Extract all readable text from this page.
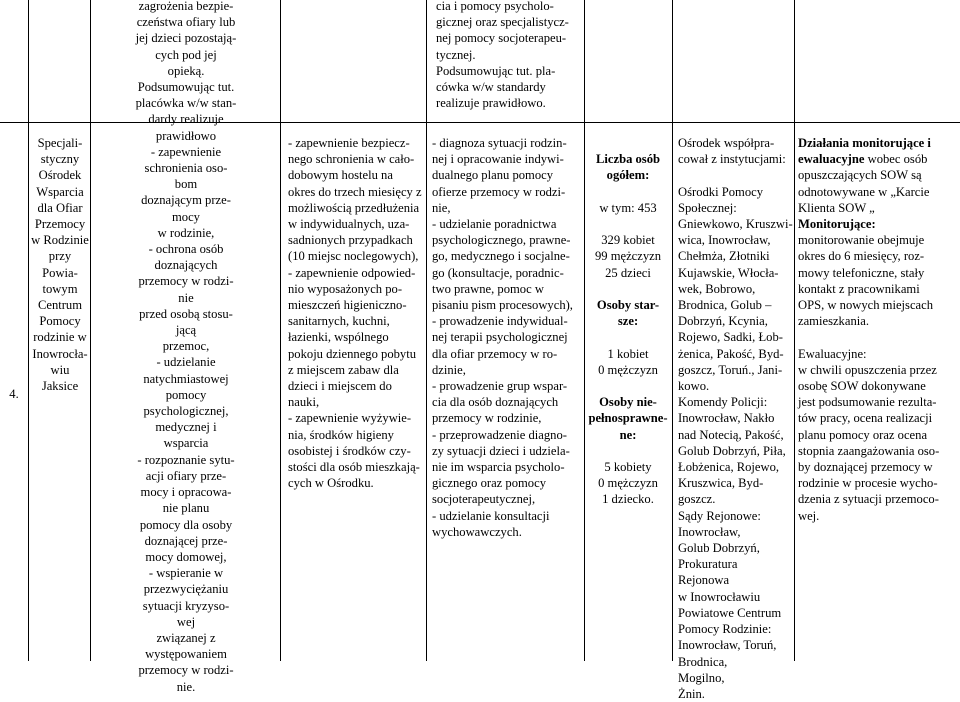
4.
Specjali-
styczny
Ośrodek
Wsparcia
dla Ofiar
Przemocy
w Rodzinie
przy Powia-
towym
Centrum
Pomocy
rodzinie w
Inowrocła-
wiu
Jaksice
zagrożenia bezpie-
czeństwa ofiary lub
jej dzieci pozostają-
cych pod jej
opieką.
Podsumowując tut.
placówka w/w stan-
dardy realizuje
prawidłowo
- zapewnienie
schronienia oso-
bom
doznającym prze-
mocy
w rodzinie,
- ochrona osób
doznających
przemocy w rodzi-
nie
przed osobą stosu-
jącą
przemoc,
- udzielanie
natychmiastowej
pomocy
psychologicznej,
medycznej i
wsparcia
- rozpoznanie sytu-
acji ofiary prze-
mocy i opracowa-
nie planu
pomocy dla osoby
doznającej prze-
mocy domowej,
- wspieranie w
przezwyciężaniu
sytuacji kryzyso-
wej
związanej z
występowaniem
przemocy w rodzi-
nie.
- zapewnienie bezpiecz-
nego schronienia w cało-
dobowym hostelu na
okres do trzech miesięcy z
możliwością przedłużenia
w indywidualnych, uza-
sadnionych przypadkach
(10 miejsc noclegowych),
- zapewnienie odpowied-
nio wyposażonych po-
mieszczeń higieniczno-
sanitarnych, kuchni,
łazienki, wspólnego
pokoju dziennego pobytu
z miejscem zabaw dla
dzieci i miejscem do
nauki,
- zapewnienie wyżywie-
nia, środków higieny
osobistej i środków czy-
stości dla osób mieszkają-
cych w Ośrodku.
cia i pomocy psycholo-
gicznej oraz specjalistycz-
nej pomocy socjoterapeu-
tycznej.
Podsumowując tut. pla-
cówka w/w standardy
realizuje prawidłowo.
- diagnoza sytuacji rodzin-
nej i opracowanie indywi-
dualnego planu pomocy
ofierze przemocy w rodzi-
nie,
- udzielanie poradnictwa
psychologicznego, prawne-
go, medycznego i socjalne-
go (konsultacje, poradnic-
two prawne, pomoc w
pisaniu pism procesowych),
- prowadzenie indywidual-
nej terapii psychologicznej
dla ofiar przemocy w ro-
dzinie,
- prowadzenie grup wspar-
cia dla osób doznających
przemocy w rodzinie,
- przeprowadzenie diagno-
zy sytuacji dzieci i udziela-
nie im wsparcia psycholo-
gicznego oraz pomocy
socjoterapeutycznej,
- udzielanie konsultacji
wychowawczych.

Liczba osób
ogółem:

w tym: 453

329 kobiet
99 mężczyzn
25 dzieci

Osoby star-
sze:

1 kobiet
0 mężczyzn

Osoby nie-
pełnosprawne-
ne:

5 kobiety
0 mężczyzn
1 dziecko.

Ośrodek współpra-
cował z instytucjami:

Ośrodki Pomocy
Społecznej:
Gniewkowo, Kruszwi-
wica, Inowrocław,
Chełmża, Złotniki
Kujawskie, Włocła-
wek, Bobrowo,
Brodnica, Golub –
Dobrzyń, Kcynia,
Rojewo, Sadki, Łob-
żenica, Pakość, Byd-
goszcz, Toruń., Jani-
kowo.
Komendy Policji:
Inowrocław, Nakło
nad Notecią, Pakość,
Golub Dobrzyń, Piła,
Łobżenica, Rojewo,
Kruszwica, Byd-
goszcz.
Sądy Rejonowe:
Inowrocław,
Golub Dobrzyń,
Prokuratura
Rejonowa
w Inowrocławiu
Powiatowe Centrum
Pomocy Rodzinie:
Inowrocław, Toruń,
Brodnica,
Mogilno,
Żnin.
Działania monitorujące i
ewaluacyjne wobec osób
opuszczających SOW są
odnotowywane w „Karcie
Klienta SOW „
Monitorujące:
monitorowanie obejmuje
okres do 6 miesięcy, roz-
mowy telefoniczne, stały
kontakt z pracownikami
OPS, w nowych miejscach
zamieszkania.

Ewaluacyjne:
w chwili opuszczenia przez
osobę SOW dokonywane
jest podsumowanie rezulta-
tów pracy, ocena realizacji
planu pomocy oraz ocena
stopnia zaangażowania oso-
by doznającej przemocy w
rodzinie w procesie wycho-
dzenia z sytuacji przemoco-
wej.
